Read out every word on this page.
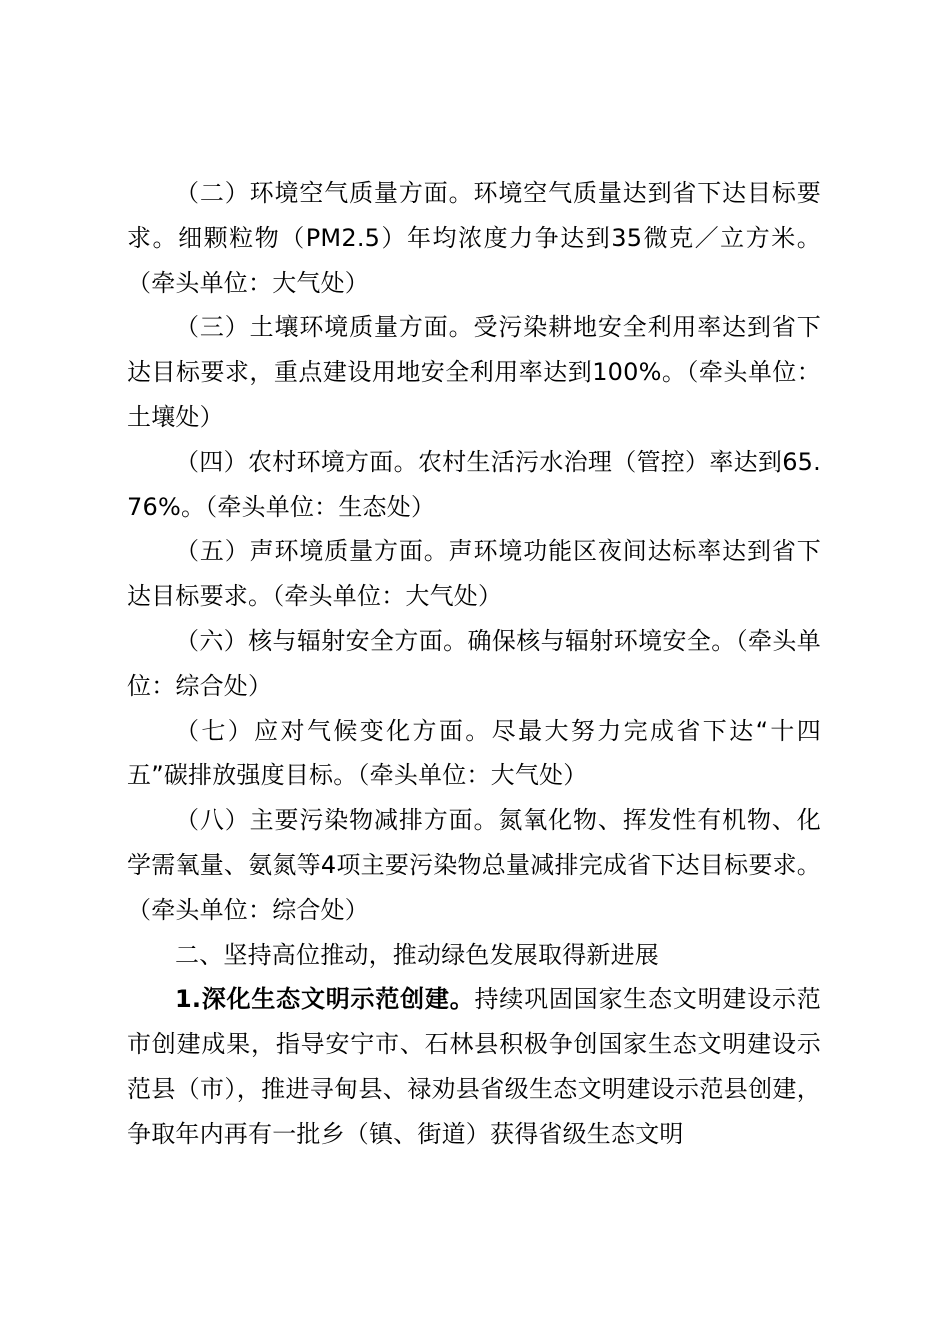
（二）环境空气质量方面。环境空气质量达到省下达目标要求。细颗粒物（PM2.5）年均浓度力争达到35微克／立方米。（牵头单位：大气处）

（三）土壤环境质量方面。受污染耕地安全利用率达到省下达目标要求，重点建设用地安全利用率达到100%。（牵头单位：土壤处）

（四）农村环境方面。农村生活污水治理（管控）率达到65.76%。（牵头单位：生态处）

（五）声环境质量方面。声环境功能区夜间达标率达到省下达目标要求。（牵头单位：大气处）

（六）核与辐射安全方面。确保核与辐射环境安全。（牵头单位：综合处）

（七）应对气候变化方面。尽最大努力完成省下达“十四五”碳排放强度目标。（牵头单位：大气处）

（八）主要污染物减排方面。氮氧化物、挥发性有机物、化学需氧量、氨氮等4项主要污染物总量减排完成省下达目标要求。（牵头单位：综合处）

二、坚持高位推动，推动绿色发展取得新进展

1.深化生态文明示范创建。持续巩固国家生态文明建设示范市创建成果，指导安宁市、石林县积极争创国家生态文明建设示范县（市），推进寻甸县、禄劝县省级生态文明建设示范县创建，争取年内再有一批乡（镇、街道）获得省级生态文明
